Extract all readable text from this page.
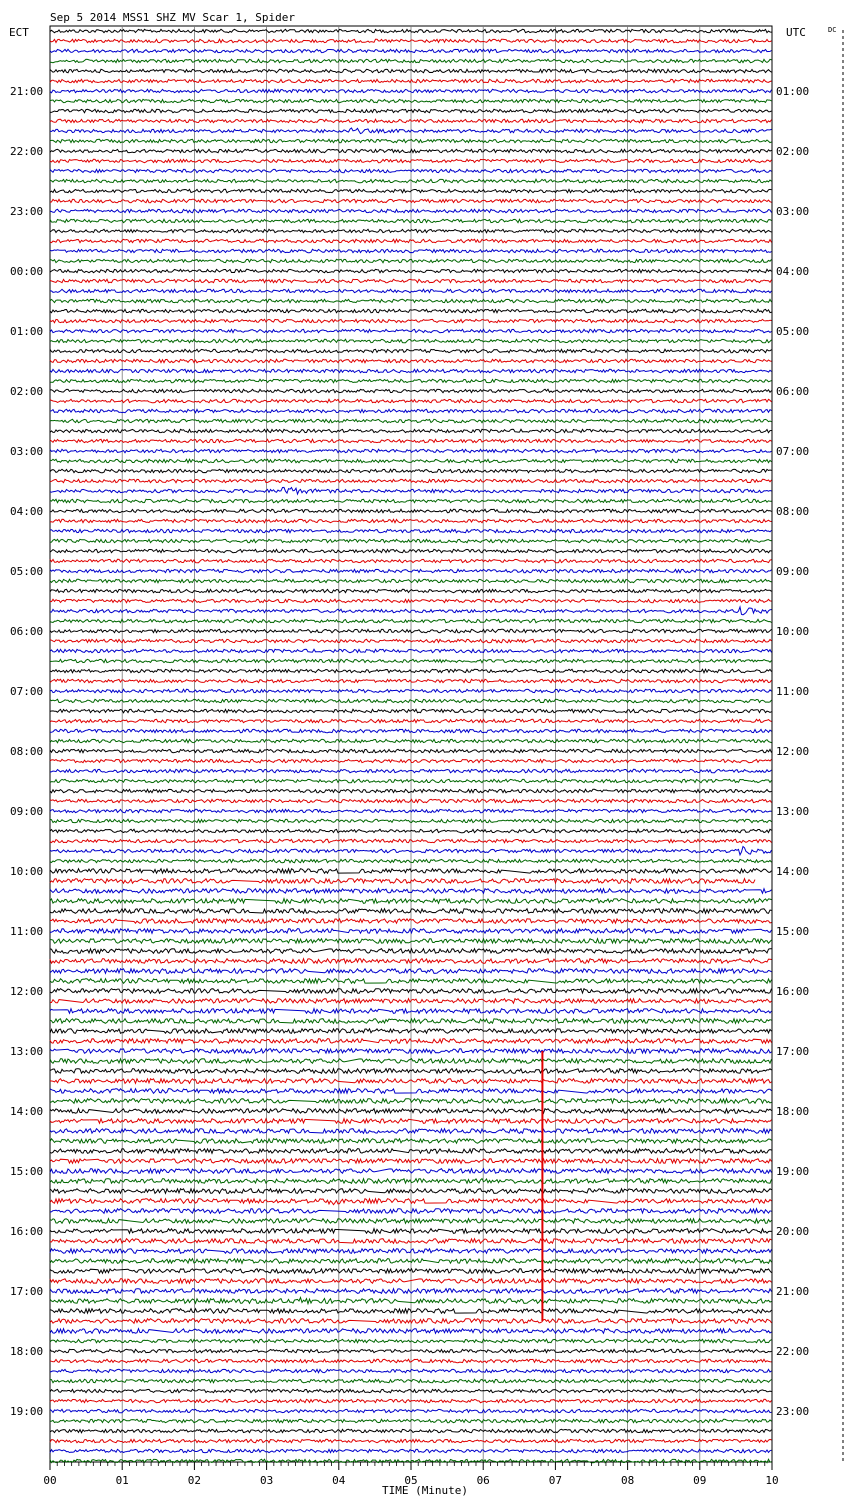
Sep 5 2014 MSS1 SHZ MV Scar 1, Spider
ECT	UTC	DC
00	01	02	03	04	05	06	07	08	09	10
21:00
22:00
23:00
00:00
01:00
02:00
03:00
04:00
05:00
06:00
07:00
08:00
09:00
10:00
11:00
12:00
13:00
14:00
15:00
16:00
17:00
18:00
19:00
01:00
02:00
03:00
04:00
05:00
06:00
07:00
08:00
09:00
10:00
11:00
12:00
13:00
14:00
15:00
16:00
17:00
18:00
19:00
20:00
21:00
22:00
23:00
TIME (Minute)
